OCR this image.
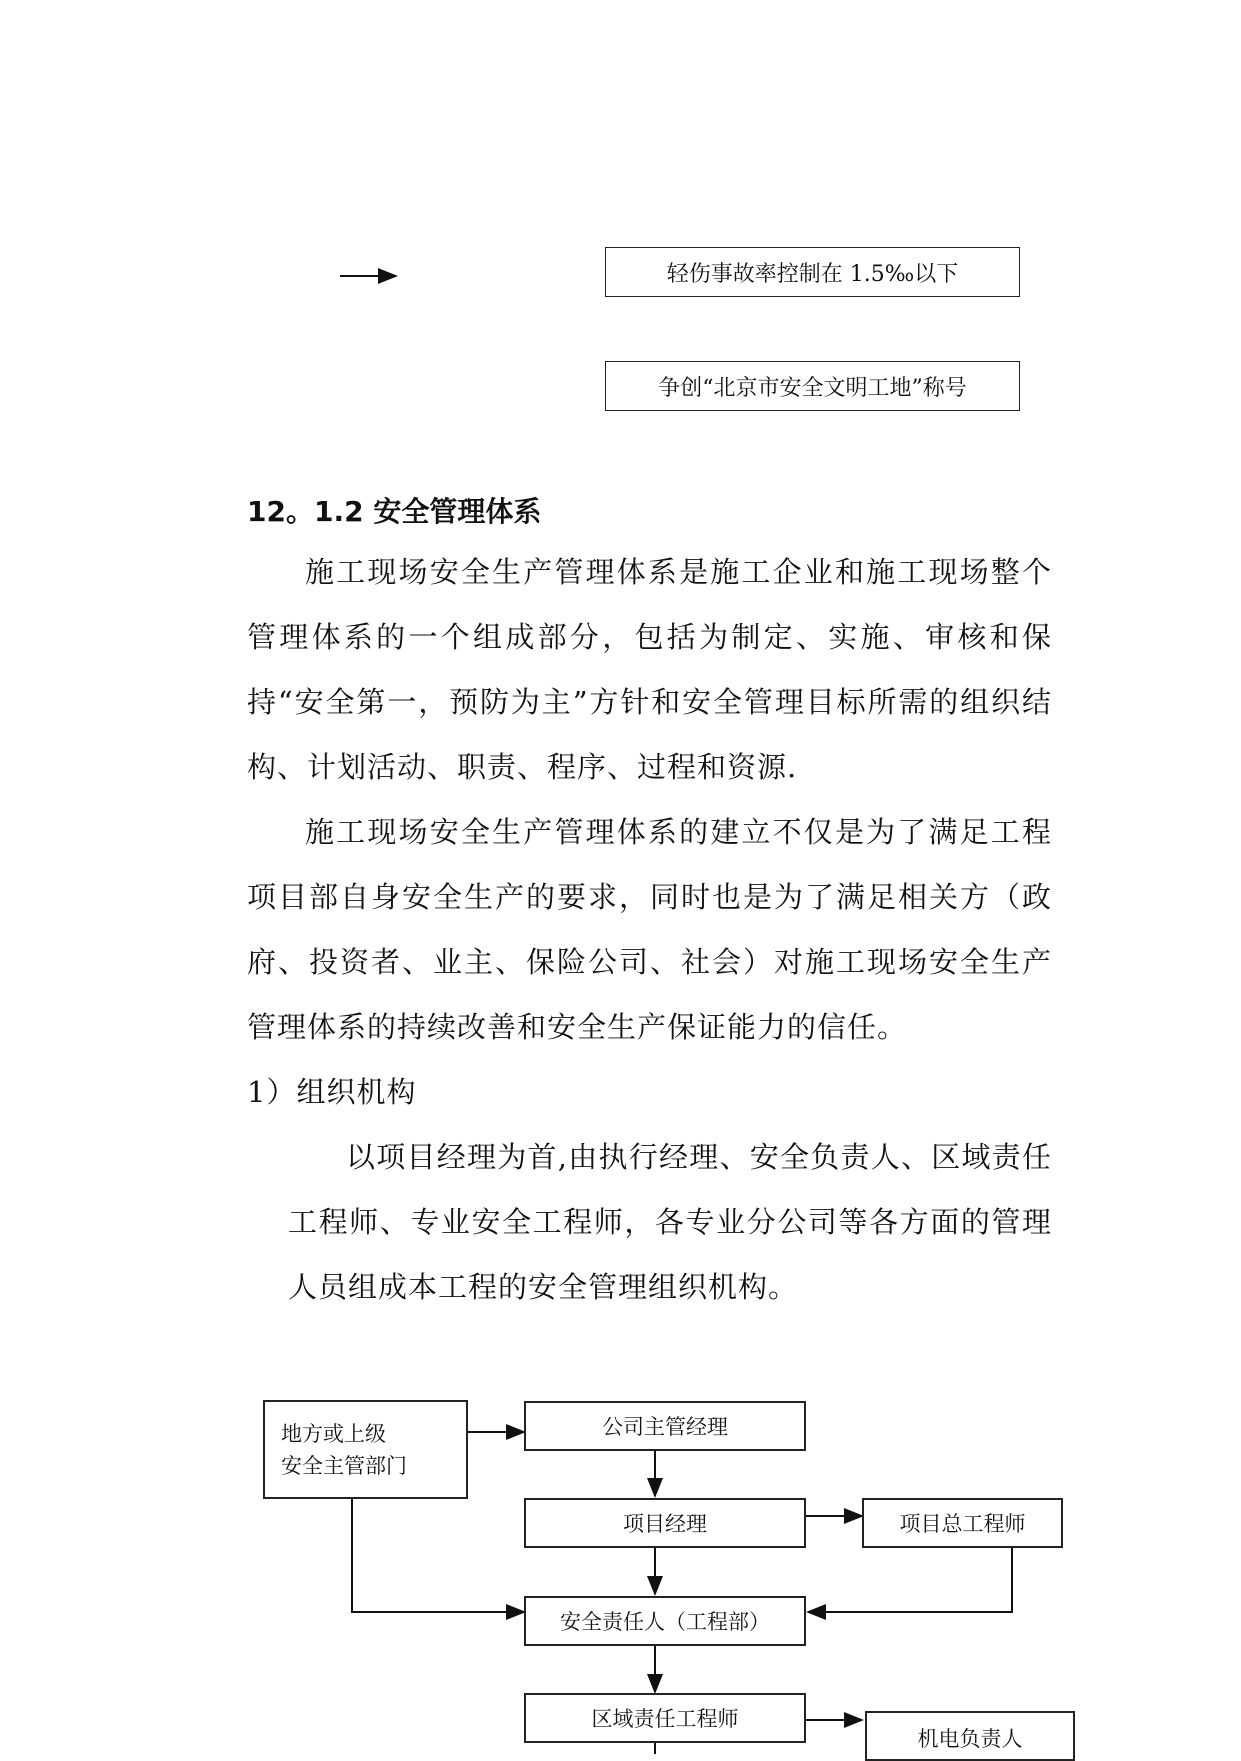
轻伤事故率控制在 1.5‰以下
争创“北京市安全文明工地”称号
12。1.2 安全管理体系
施工现场安全生产管理体系是施工企业和施工现场整个管理体系的一个组成部分，包括为制定、实施、审核和保持“安全第一，预防为主”方针和安全管理目标所需的组织结构、计划活动、职责、程序、过程和资源.
施工现场安全生产管理体系的建立不仅是为了满足工程项目部自身安全生产的要求，同时也是为了满足相关方（政府、投资者、业主、保险公司、社会）对施工现场安全生产管理体系的持续改善和安全生产保证能力的信任。
1）组织机构
以项目经理为首,由执行经理、安全负责人、区域责任工程师、专业安全工程师，各专业分公司等各方面的管理人员组成本工程的安全管理组织机构。
地方或上级
安全主管部门
公司主管经理
项目经理	项目总工程师
安全责任人（工程部）
区域责任工程师
机电负责人
